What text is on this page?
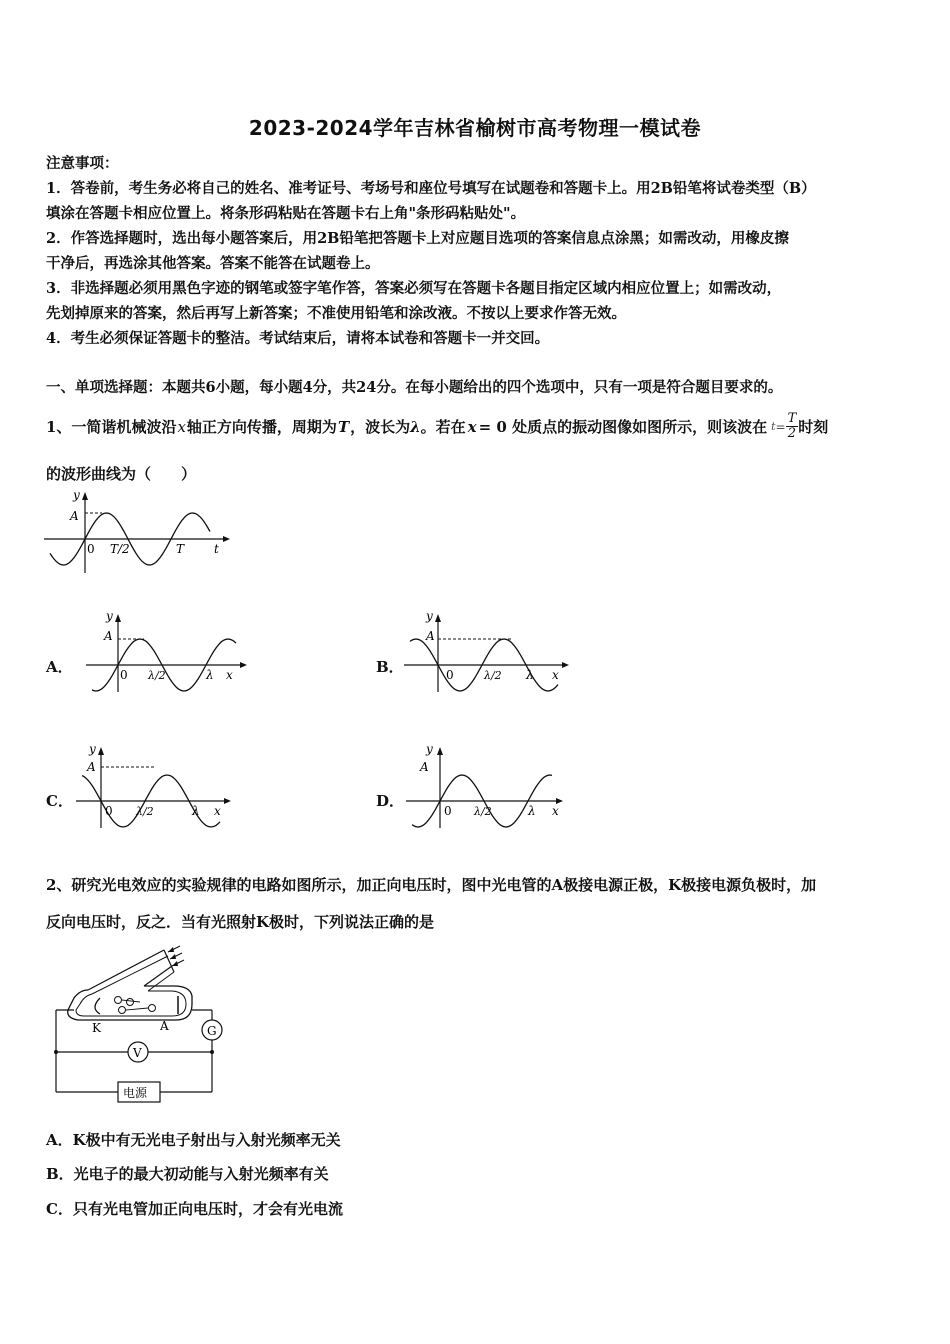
2023-2024学年吉林省榆树市高考物理一模试卷
注意事项：
1．答卷前，考生务必将自己的姓名、准考证号、考场号和座位号填写在试题卷和答题卡上。用2B铅笔将试卷类型（B）
填涂在答题卡相应位置上。将条形码粘贴在答题卡右上角"条形码粘贴处"。
2．作答选择题时，选出每小题答案后，用2B铅笔把答题卡上对应题目选项的答案信息点涂黑；如需改动，用橡皮擦
干净后，再选涂其他答案。答案不能答在试题卷上。
3．非选择题必须用黑色字迹的钢笔或签字笔作答，答案必须写在答题卡各题目指定区域内相应位置上；如需改动，
先划掉原来的答案，然后再写上新答案；不准使用铅笔和涂改液。不按以上要求作答无效。
4．考生必须保证答题卡的整洁。考试结束后，请将本试卷和答题卡一并交回。
一、单项选择题：本题共6小题，每小题4分，共24分。在每小题给出的四个选项中，只有一项是符合题目要求的。
1、一简谐机械波沿 x 轴正方向传播，周期为 T ，波长为 λ 。若在 x = 0 处质点的振动图像如图所示，则该波在 $t = \frac{T}{2}$ 时刻
的波形曲线为（　　）
y
A
0 T/2	T t
A．
y
A
0 λ/2	λ x	B．
y
A
0	λ/2 λ x
C．
y
A
0 λ/2	λ x
D．
y
A
0 λ/2	λ x
2、研究光电效应的实验规律的电路如图所示，加正向电压时，图中光电管的A极接电源正极，K极接电源负极时，加
反向电压时，反之．当有光照射K极时，下列说法正确的是
K	A	G
V
电源
A．K极中有无光电子射出与入射光频率无关
B．光电子的最大初动能与入射光频率有关
C．只有光电管加正向电压时，才会有光电流
